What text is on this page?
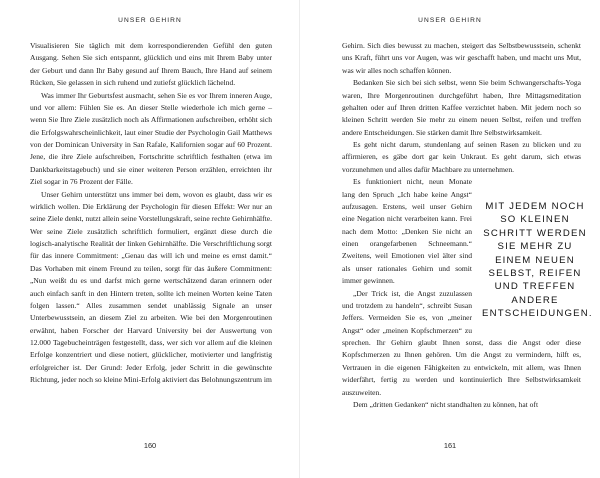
UNSER GEHIRN

Visualisieren Sie täglich mit dem korrespondierenden Gefühl den guten Ausgang. Sehen Sie sich entspannt, glücklich und eins mit Ihrem Baby unter der Geburt und dann Ihr Baby gesund auf Ihrem Bauch, Ihre Hand auf seinem Rücken, Sie gelassen in sich ruhend und zutiefst glücklich lächelnd.

Was immer Ihr Geburtsfest ausmacht, sehen Sie es vor Ihrem inneren Auge, und vor allem: Fühlen Sie es. An dieser Stelle wiederhole ich mich gerne – wenn Sie Ihre Ziele zusätzlich noch als Affirmationen aufschreiben, erhöht sich die Erfolgswahrscheinlichkeit, laut einer Studie der Psychologin Gail Matthews von der Dominican University in San Rafale, Kalifornien sogar auf 60 Prozent. Jene, die ihre Ziele aufschreiben, Fortschritte schriftlich festhalten (etwa im Dankbarkeitstagebuch) und sie einer weiteren Person erzählen, erreichten ihr Ziel sogar in 76 Prozent der Fälle.

Unser Gehirn unterstützt uns immer bei dem, wovon es glaubt, dass wir es wirklich wollen. Die Erklärung der Psychologin für diesen Effekt: Wer nur an seine Ziele denkt, nutzt allein seine Vorstellungskraft, seine rechte Gehirnhälfte. Wer seine Ziele zusätzlich schriftlich formuliert, ergänzt diese durch die logisch-analytische Realität der linken Gehirnhälfte. Die Verschriftlichung sorgt für das innere Commitment: „Genau das will ich und meine es ernst damit.“ Das Vorhaben mit einem Freund zu teilen, sorgt für das äußere Commitment: „Nun weißt du es und darfst mich gerne wertschätzend daran erinnern oder auch einfach sanft in den Hintern treten, sollte ich meinen Worten keine Taten folgen lassen.“ Alles zusammen sendet unablässig Signale an unser Unterbewusstsein, an diesem Ziel zu arbeiten. Wie bei den Morgenroutinen erwähnt, haben Forscher der Harvard University bei der Auswertung von 12.000 Tagebucheinträgen festgestellt, dass, wer sich vor allem auf die kleinen Erfolge konzentriert und diese notiert, glücklicher, motivierter und langfristig erfolgreicher ist. Der Grund: Jeder Erfolg, jeder Schritt in die gewünschte Richtung, jeder noch so kleine Mini-Erfolg aktiviert das Belohnungszentrum im

160
UNSER GEHIRN

Gehirn. Sich dies bewusst zu machen, steigert das Selbstbewusstsein, schenkt uns Kraft, führt uns vor Augen, was wir geschafft haben, und macht uns Mut, was wir alles noch schaffen können.

Bedanken Sie sich bei sich selbst, wenn Sie beim Schwangerschafts-Yoga waren, Ihre Morgenroutinen durchgeführt haben, Ihre Mittagsmeditation gehalten oder auf Ihren dritten Kaffee verzichtet haben. Mit jedem noch so kleinen Schritt werden Sie mehr zu einem neuen Selbst, reifen und treffen andere Entscheidungen. Sie stärken damit Ihre Selbstwirksamkeit.

Es geht nicht darum, stundenlang auf seinen Rasen zu blicken und zu affirmieren, es gäbe dort gar kein Unkraut. Es geht darum, sich etwas vorzunehmen und alles dafür Machbare zu unternehmen.

Es funktioniert nicht, neun Monate lang den Spruch „Ich habe keine Angst“ aufzusagen. Erstens, weil unser Gehirn eine Negation nicht verarbeiten kann. Frei nach dem Motto: „Denken Sie nicht an einen orangefarbenen Schneemann.“ Zweitens, weil Emotionen viel älter sind als unser rationales Gehirn und somit immer gewinnen.

„Der Trick ist, die Angst zuzulassen und trotzdem zu handeln“, schreibt Susan Jeffers. Vermeiden Sie es, von „meiner Angst“ oder „meinen Kopfschmerzen“ zu sprechen. Ihr Gehirn glaubt Ihnen sonst, dass die Angst oder diese Kopfschmerzen zu Ihnen gehören. Um die Angst zu vermindern, hilft es, Vertrauen in die eigenen Fähigkeiten zu entwickeln, mit allem, was Ihnen widerfährt, fertig zu werden und kontinuierlich Ihre Selbstwirksamkeit auszuweiten.

Dem „dritten Gedanken“ nicht standhalten zu können, hat oft

MIT JEDEM NOCH SO KLEINEN SCHRITT WERDEN SIE MEHR ZU EINEM NEUEN SELBST, REIFEN UND TREFFEN ANDERE ENTSCHEIDUNGEN.
161
